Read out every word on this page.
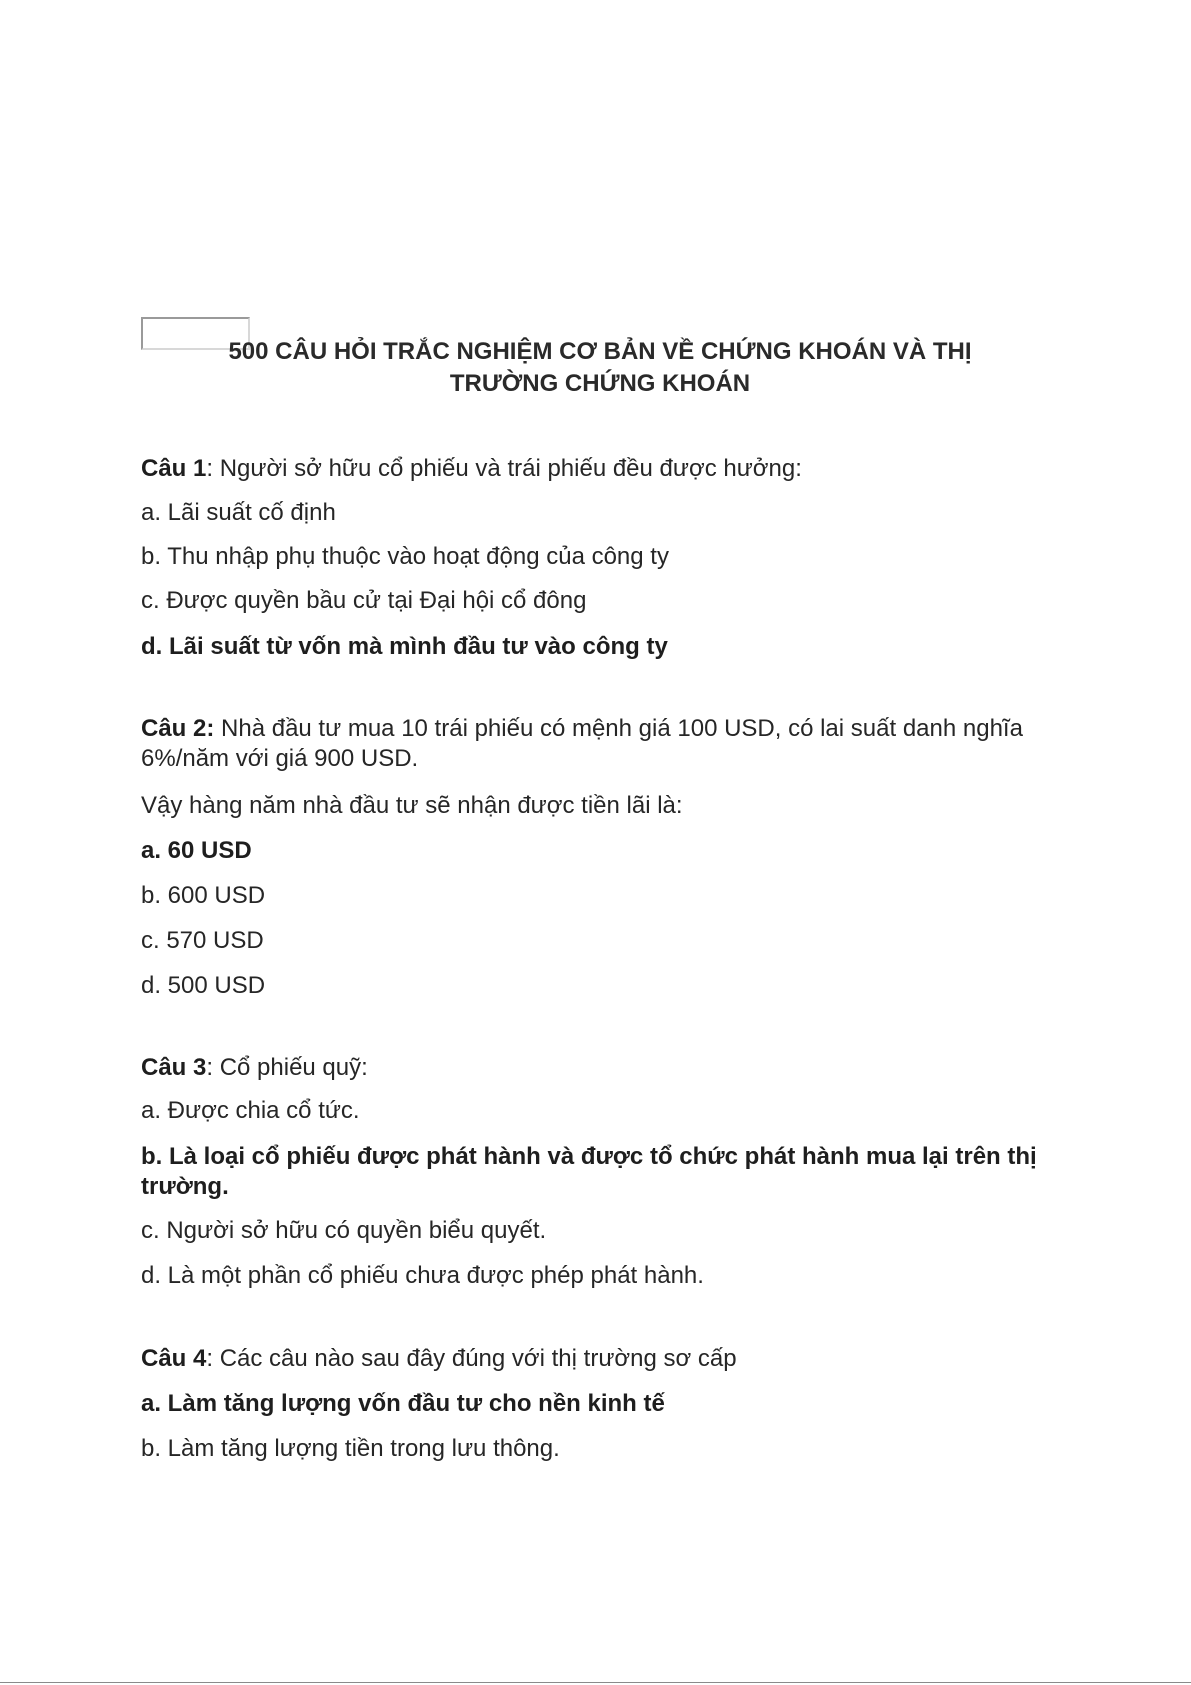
500 CÂU HỎI TRẮC NGHIỆM CƠ BẢN VỀ CHỨNG KHOÁN VÀ THỊ
TRƯỜNG CHỨNG KHOÁN
Câu 1: Người sở hữu cổ phiếu và trái phiếu đều được hưởng:
a. Lãi suất cố định
b. Thu nhập phụ thuộc vào hoạt động của công ty
c. Được quyền bầu cử tại Đại hội cổ đông
d. Lãi suất từ vốn mà mình đầu tư vào công ty
Câu 2: Nhà đầu tư mua 10 trái phiếu có mệnh giá 100 USD, có lai suất danh nghĩa 6%/năm với giá 900 USD.
Vậy hàng năm nhà đầu tư sẽ nhận được tiền lãi là:
a. 60 USD
b. 600 USD
c. 570 USD
d. 500 USD
Câu 3: Cổ phiếu quỹ:
a. Được chia cổ tức.
b. Là loại cổ phiếu được phát hành và được tổ chức phát hành mua lại trên thị trường.
c. Người sở hữu có quyền biểu quyết.
d. Là một phần cổ phiếu chưa được phép phát hành.
Câu 4: Các câu nào sau đây đúng với thị trường sơ cấp
a. Làm tăng lượng vốn đầu tư cho nền kinh tế
b. Làm tăng lượng tiền trong lưu thông.
